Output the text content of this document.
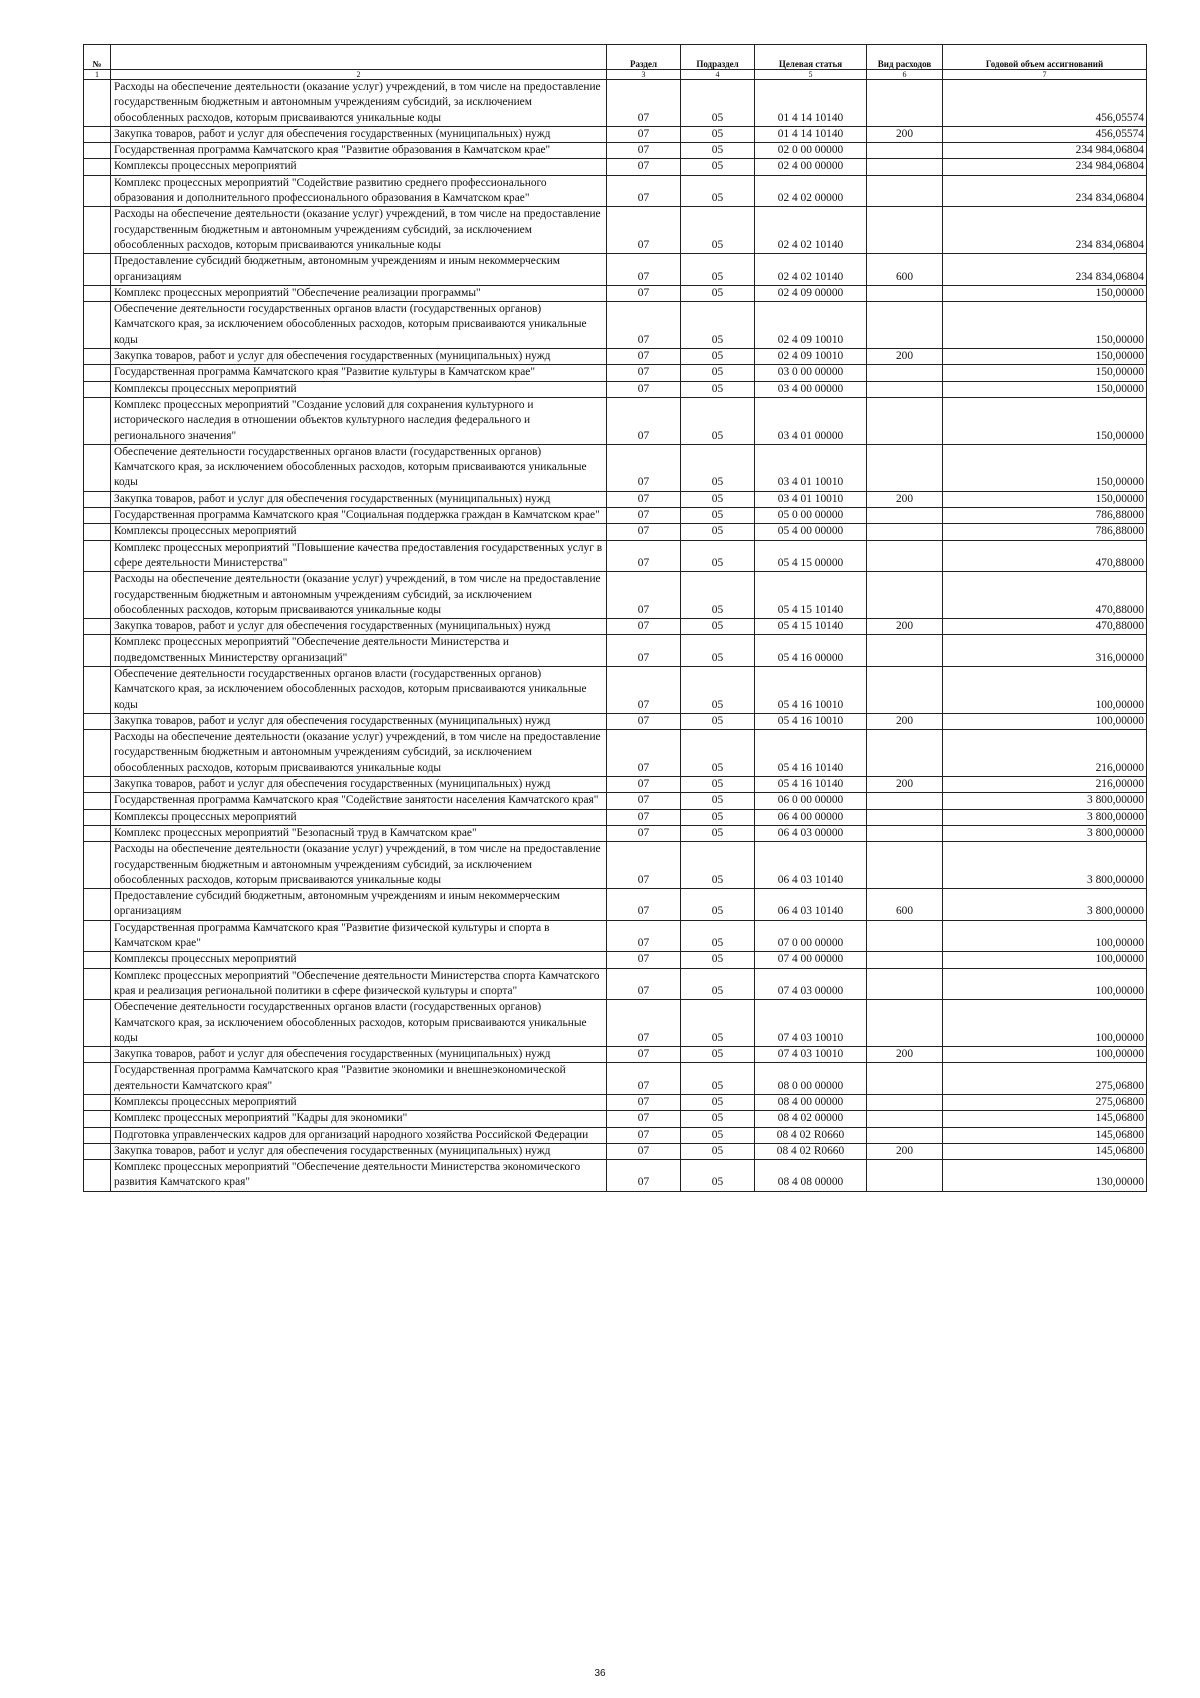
№		Раздел	Подраздел	Целевая статья	Вид расходов	Годовой объем ассигнований
1	2	3	4	5	6	7
	Расходы на обеспечение деятельности (оказание услуг) учреждений, в том числе на предоставление государственным бюджетным и автономным учреждениям субсидий, за исключением обособленных расходов, которым присваиваются уникальные коды	07	05	01 4 14 10140		456,05574
	Закупка товаров, работ и услуг для обеспечения государственных (муниципальных) нужд	07	05	01 4 14 10140	200	456,05574
	Государственная программа Камчатского края "Развитие образования в Камчатском крае"	07	05	02 0 00 00000		234 984,06804
	Комплексы процессных мероприятий	07	05	02 4 00 00000		234 984,06804
	Комплекс процессных мероприятий "Содействие развитию среднего профессионального образования и дополнительного профессионального образования в Камчатском крае"	07	05	02 4 02 00000		234 834,06804
	Расходы на обеспечение деятельности (оказание услуг) учреждений, в том числе на предоставление государственным бюджетным и автономным учреждениям субсидий, за исключением обособленных расходов, которым присваиваются уникальные коды	07	05	02 4 02 10140		234 834,06804
	Предоставление субсидий бюджетным, автономным учреждениям и иным некоммерческим организациям	07	05	02 4 02 10140	600	234 834,06804
	Комплекс процессных мероприятий "Обеспечение реализации программы"	07	05	02 4 09 00000		150,00000
	Обеспечение деятельности государственных органов власти (государственных органов) Камчатского края, за исключением обособленных расходов, которым присваиваются уникальные коды	07	05	02 4 09 10010		150,00000
	Закупка товаров, работ и услуг для обеспечения государственных (муниципальных) нужд	07	05	02 4 09 10010	200	150,00000
	Государственная программа Камчатского края "Развитие культуры в Камчатском крае"	07	05	03 0 00 00000		150,00000
	Комплексы процессных мероприятий	07	05	03 4 00 00000		150,00000
	Комплекс процессных мероприятий "Создание условий для сохранения культурного и исторического наследия в отношении объектов культурного наследия федерального и регионального значения"	07	05	03 4 01 00000		150,00000
	Обеспечение деятельности государственных органов власти (государственных органов) Камчатского края, за исключением обособленных расходов, которым присваиваются уникальные коды	07	05	03 4 01 10010		150,00000
	Закупка товаров, работ и услуг для обеспечения государственных (муниципальных) нужд	07	05	03 4 01 10010	200	150,00000
	Государственная программа Камчатского края "Социальная поддержка граждан в Камчатском крае"	07	05	05 0 00 00000		786,88000
	Комплексы процессных мероприятий	07	05	05 4 00 00000		786,88000
	Комплекс процессных мероприятий "Повышение качества предоставления государственных услуг в сфере деятельности Министерства"	07	05	05 4 15 00000		470,88000
	Расходы на обеспечение деятельности (оказание услуг) учреждений, в том числе на предоставление государственным бюджетным и автономным учреждениям субсидий, за исключением обособленных расходов, которым присваиваются уникальные коды	07	05	05 4 15 10140		470,88000
	Закупка товаров, работ и услуг для обеспечения государственных (муниципальных) нужд	07	05	05 4 15 10140	200	470,88000
	Комплекс процессных мероприятий "Обеспечение деятельности Министерства и подведомственных Министерству организаций"	07	05	05 4 16 00000		316,00000
	Обеспечение деятельности государственных органов власти (государственных органов) Камчатского края, за исключением обособленных расходов, которым присваиваются уникальные коды	07	05	05 4 16 10010		100,00000
	Закупка товаров, работ и услуг для обеспечения государственных (муниципальных) нужд	07	05	05 4 16 10010	200	100,00000
	Расходы на обеспечение деятельности (оказание услуг) учреждений, в том числе на предоставление государственным бюджетным и автономным учреждениям субсидий, за исключением обособленных расходов, которым присваиваются уникальные коды	07	05	05 4 16 10140		216,00000
	Закупка товаров, работ и услуг для обеспечения государственных (муниципальных) нужд	07	05	05 4 16 10140	200	216,00000
	Государственная программа Камчатского края "Содействие занятости населения Камчатского края"	07	05	06 0 00 00000		3 800,00000
	Комплексы процессных мероприятий	07	05	06 4 00 00000		3 800,00000
	Комплекс процессных мероприятий "Безопасный труд в Камчатском крае"	07	05	06 4 03 00000		3 800,00000
	Расходы на обеспечение деятельности (оказание услуг) учреждений, в том числе на предоставление государственным бюджетным и автономным учреждениям субсидий, за исключением обособленных расходов, которым присваиваются уникальные коды	07	05	06 4 03 10140		3 800,00000
	Предоставление субсидий бюджетным, автономным учреждениям и иным некоммерческим организациям	07	05	06 4 03 10140	600	3 800,00000
	Государственная программа Камчатского края "Развитие физической культуры и спорта в Камчатском крае"	07	05	07 0 00 00000		100,00000
	Комплексы процессных мероприятий	07	05	07 4 00 00000		100,00000
	Комплекс процессных мероприятий "Обеспечение деятельности Министерства спорта Камчатского края и реализация региональной политики в сфере физической культуры и спорта"	07	05	07 4 03 00000		100,00000
	Обеспечение деятельности государственных органов власти (государственных органов) Камчатского края, за исключением обособленных расходов, которым присваиваются уникальные коды	07	05	07 4 03 10010		100,00000
	Закупка товаров, работ и услуг для обеспечения государственных (муниципальных) нужд	07	05	07 4 03 10010	200	100,00000
	Государственная программа Камчатского края "Развитие экономики и внешнеэкономической деятельности Камчатского края"	07	05	08 0 00 00000		275,06800
	Комплексы процессных мероприятий	07	05	08 4 00 00000		275,06800
	Комплекс процессных мероприятий "Кадры для экономики"	07	05	08 4 02 00000		145,06800
	Подготовка управленческих кадров для организаций народного хозяйства Российской Федерации	07	05	08 4 02 R0660		145,06800
	Закупка товаров, работ и услуг для обеспечения государственных (муниципальных) нужд	07	05	08 4 02 R0660	200	145,06800
	Комплекс процессных мероприятий "Обеспечение деятельности Министерства экономического развития Камчатского края"	07	05	08 4 08 00000		130,00000
36
